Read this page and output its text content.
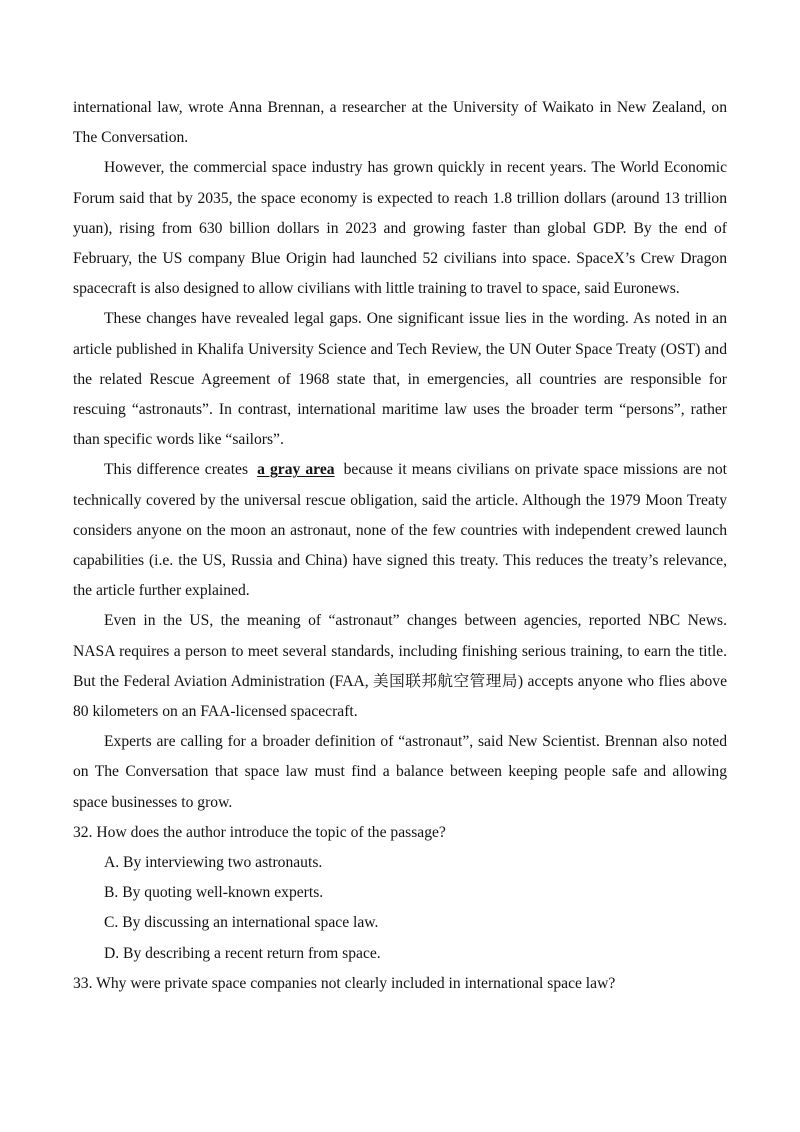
international law, wrote Anna Brennan, a researcher at the University of Waikato in New Zealand, on The Conversation.

However, the commercial space industry has grown quickly in recent years. The World Economic Forum said that by 2035, the space economy is expected to reach 1.8 trillion dollars (around 13 trillion yuan), rising from 630 billion dollars in 2023 and growing faster than global GDP. By the end of February, the US company Blue Origin had launched 52 civilians into space. SpaceX’s Crew Dragon spacecraft is also designed to allow civilians with little training to travel to space, said Euronews.

These changes have revealed legal gaps. One significant issue lies in the wording. As noted in an article published in Khalifa University Science and Tech Review, the UN Outer Space Treaty (OST) and the related Rescue Agreement of 1968 state that, in emergencies, all countries are responsible for rescuing “astronauts”. In contrast, international maritime law uses the broader term “persons”, rather than specific words like “sailors”.

This difference creates a gray area because it means civilians on private space missions are not technically covered by the universal rescue obligation, said the article. Although the 1979 Moon Treaty considers anyone on the moon an astronaut, none of the few countries with independent crewed launch capabilities (i.e. the US, Russia and China) have signed this treaty. This reduces the treaty’s relevance, the article further explained.

Even in the US, the meaning of “astronaut” changes between agencies, reported NBC News. NASA requires a person to meet several standards, including finishing serious training, to earn the title. But the Federal Aviation Administration (FAA, 美国联邦航空管理局) accepts anyone who flies above 80 kilometers on an FAA-licensed spacecraft.

Experts are calling for a broader definition of “astronaut”, said New Scientist. Brennan also noted on The Conversation that space law must find a balance between keeping people safe and allowing space businesses to grow.

32. How does the author introduce the topic of the passage?

A. By interviewing two astronauts.

B. By quoting well-known experts.

C. By discussing an international space law.

D. By describing a recent return from space.

33. Why were private space companies not clearly included in international space law?
